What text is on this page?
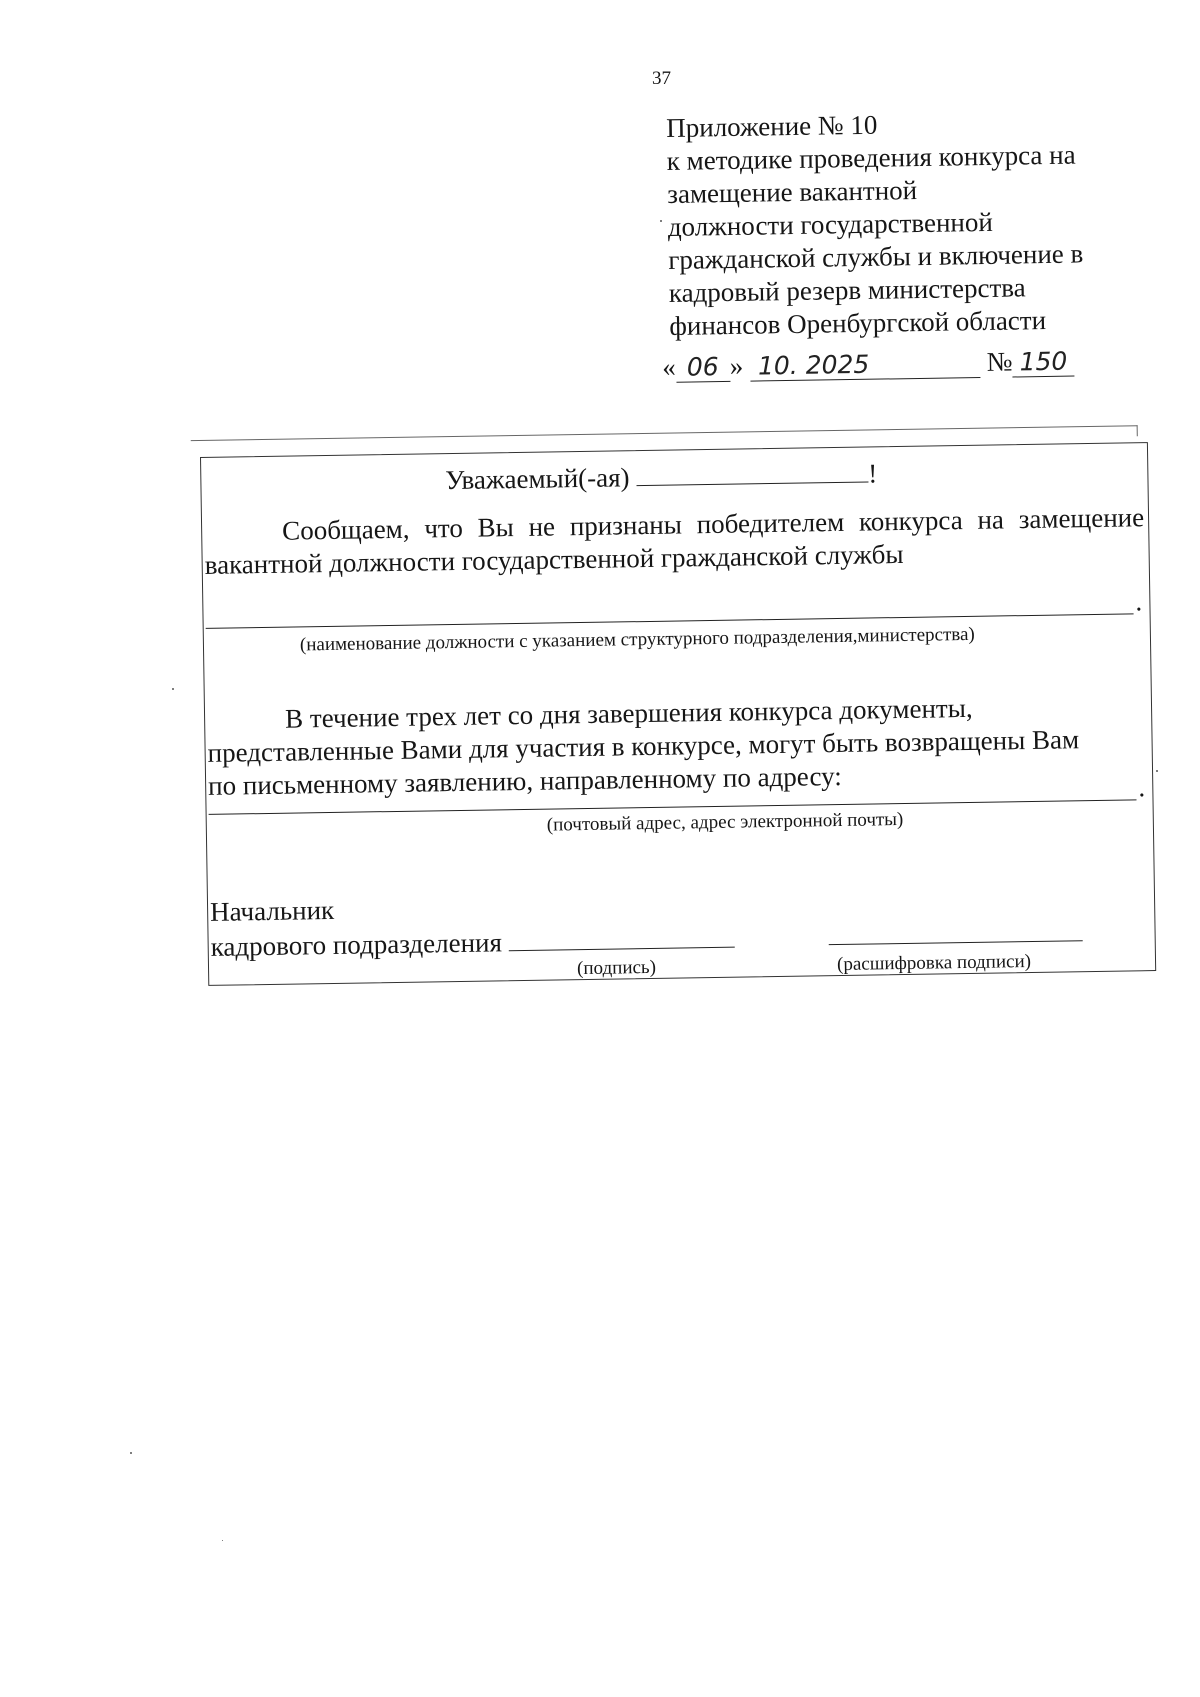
37
Приложение № 10
к методике проведения конкурса на
замещение вакантной
должности государственной
гражданской службы и включение в
кадровый резерв министерства
финансов Оренбургской области
« 06 » 10. 2025	№ 150
Уважаемый(-ая)	!
Сообщаем, что Вы не признаны победителем конкурса на замещение вакантной должности государственной гражданской службы
.
(наименование должности с указанием структурного подразделения,министерства)
В течение трех лет со дня завершения конкурса документы, представленные Вами для участия в конкурсе, могут быть возвращены Вам по письменному заявлению, направленному по адресу:	.
(почтовый адрес, адрес электронной почты)
Начальник
кадрового подразделения
(подпись)	(расшифровка подписи)
